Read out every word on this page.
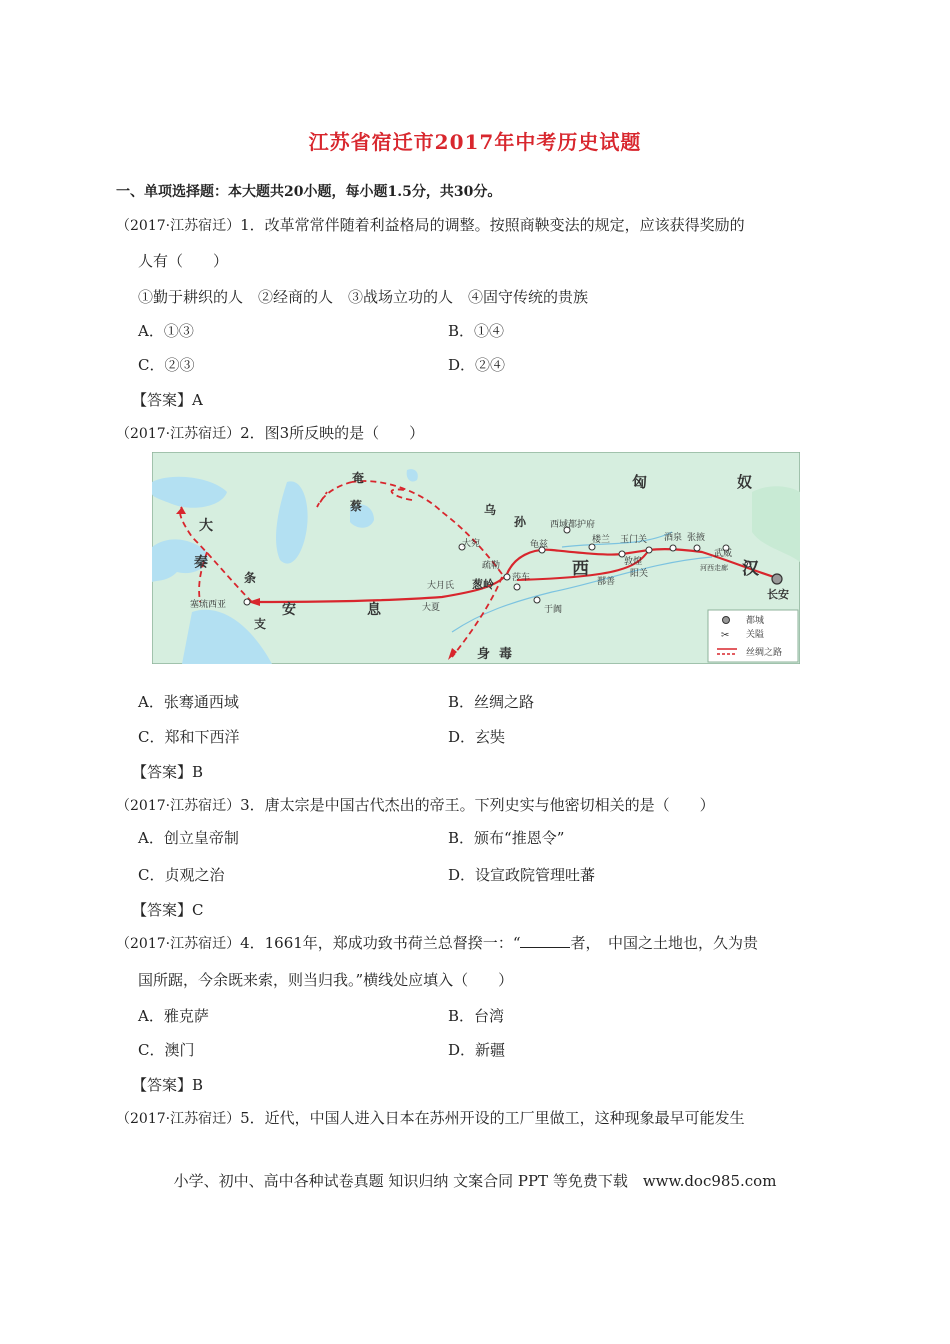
江苏省宿迁市2017年中考历史试题
一、单项选择题：本大题共20小题，每小题1.5分，共30分。
（2017·江苏宿迁）1．改革常常伴随着利益格局的调整。按照商鞅变法的规定，应该获得奖励的
人有（　　）
①勤于耕织的人　②经商的人　③战场立功的人　④固守传统的贵族
A．①③	B．①④
C．②③	D．②④
【答案】A
（2017·江苏宿迁）2．图3所反映的是（　　）
匈	奴
汉
西
奄
蔡	乌
孙
大
秦
条
支
安	息
身 毒
长安
西域都护府
玉门关 酒泉 张掖
武威
河西走廊
敦煌
阳关
楼兰
龟兹
鄯善
大宛
疏勒
莎车
于阗
葱岭
大月氏
大夏
塞琉西亚
都城
✂ 关隘
丝绸之路
A．张骞通西域	B．丝绸之路
C．郑和下西洋	D．玄奘
【答案】B
（2017·江苏宿迁）3．唐太宗是中国古代杰出的帝王。下列史实与他密切相关的是（　　）
A．创立皇帝制	B．颁布“推恩令”
C．贞观之治	D．设宣政院管理吐蕃
【答案】C
（2017·江苏宿迁）4．1661年，郑成功致书荷兰总督揆一：“	者，　中国之土地也，久为贵
国所踞，今余既来索，则当归我。”横线处应填入（　　）
A．雅克萨	B．台湾
C．澳门	D．新疆
【答案】B
（2017·江苏宿迁）5．近代，中国人进入日本在苏州开设的工厂里做工，这种现象最早可能发生
小学、初中、高中各种试卷真题 知识归纳 文案合同 PPT 等免费下载　www.doc985.com
